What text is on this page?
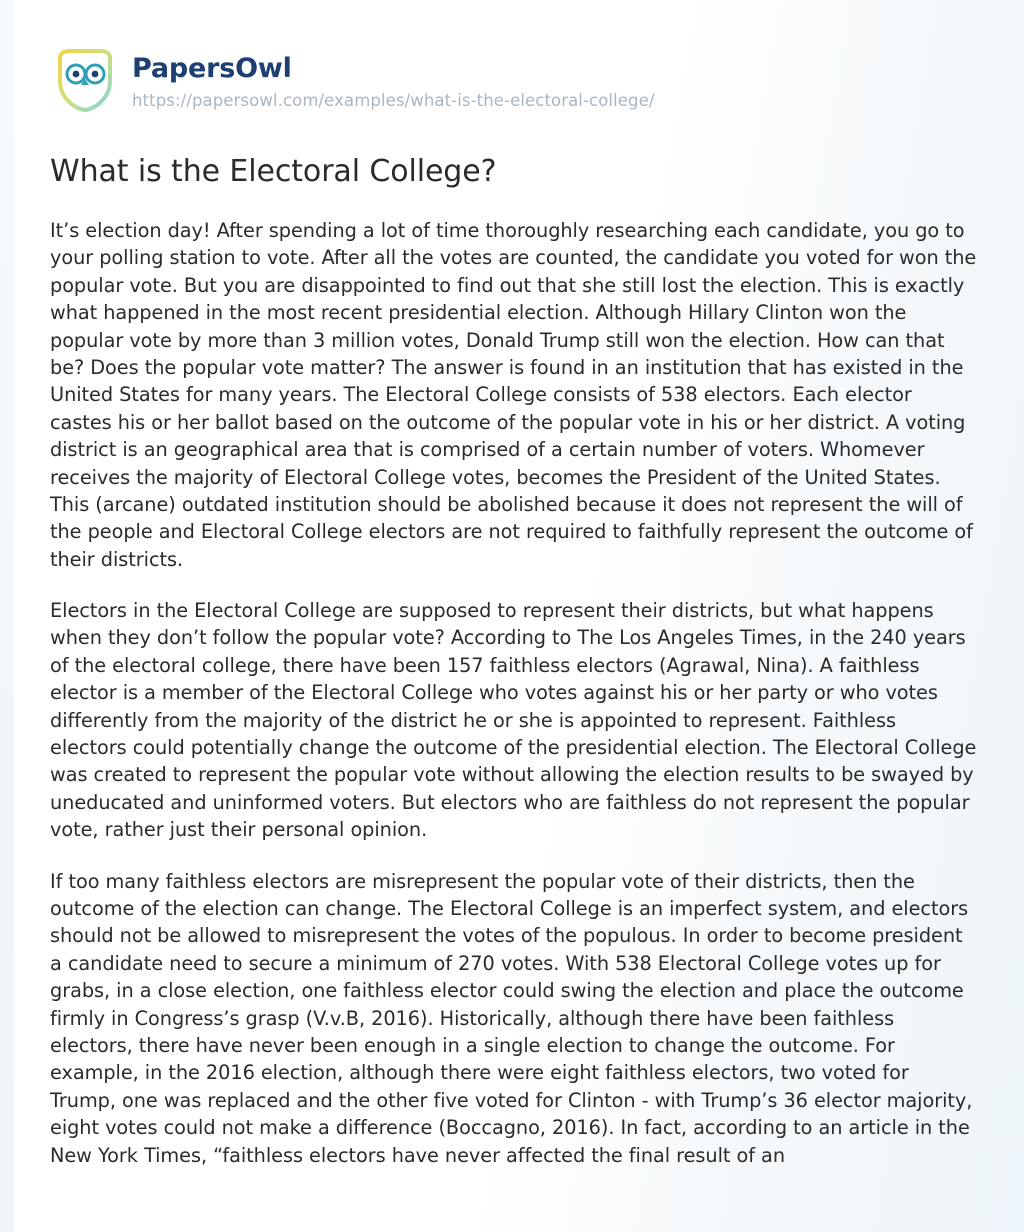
PapersOwl
https://papersowl.com/examples/what-is-the-electoral-college/
What is the Electoral College?

It’s election day! After spending a lot of time thoroughly researching each candidate, you go to your polling station to vote. After all the votes are counted, the candidate you voted for won the popular vote. But you are disappointed to find out that she still lost the election. This is exactly what happened in the most recent presidential election. Although Hillary Clinton won the popular vote by more than 3 million votes, Donald Trump still won the election. How can that be? Does the popular vote matter? The answer is found in an institution that has existed in the United States for many years. The Electoral College consists of 538 electors. Each elector castes his or her ballot based on the outcome of the popular vote in his or her district. A voting district is an geographical area that is comprised of a certain number of voters. Whomever receives the majority of Electoral College votes, becomes the President of the United States. This (arcane) outdated institution should be abolished because it does not represent the will of the people and Electoral College electors are not required to faithfully represent the outcome of their districts.

Electors in the Electoral College are supposed to represent their districts, but what happens when they don’t follow the popular vote? According to The Los Angeles Times, in the 240 years of the electoral college, there have been 157 faithless electors (Agrawal, Nina). A faithless elector is a member of the Electoral College who votes against his or her party or who votes differently from the majority of the district he or she is appointed to represent. Faithless electors could potentially change the outcome of the presidential election. The Electoral College was created to represent the popular vote without allowing the election results to be swayed by uneducated and uninformed voters. But electors who are faithless do not represent the popular vote, rather just their personal opinion.

If too many faithless electors are misrepresent the popular vote of their districts, then the outcome of the election can change. The Electoral College is an imperfect system, and electors should not be allowed to misrepresent the votes of the populous. In order to become president a candidate need to secure a minimum of 270 votes. With 538 Electoral College votes up for grabs, in a close election, one faithless elector could swing the election and place the outcome firmly in Congress’s grasp (V.v.B, 2016). Historically, although there have been faithless electors, there have never been enough in a single election to change the outcome. For example, in the 2016 election, although there were eight faithless electors, two voted for Trump, one was replaced and the other five voted for Clinton - with Trump’s 36 elector majority, eight votes could not make a difference (Boccagno, 2016). In fact, according to an article in the New York Times, “faithless electors have never affected the final result of an
